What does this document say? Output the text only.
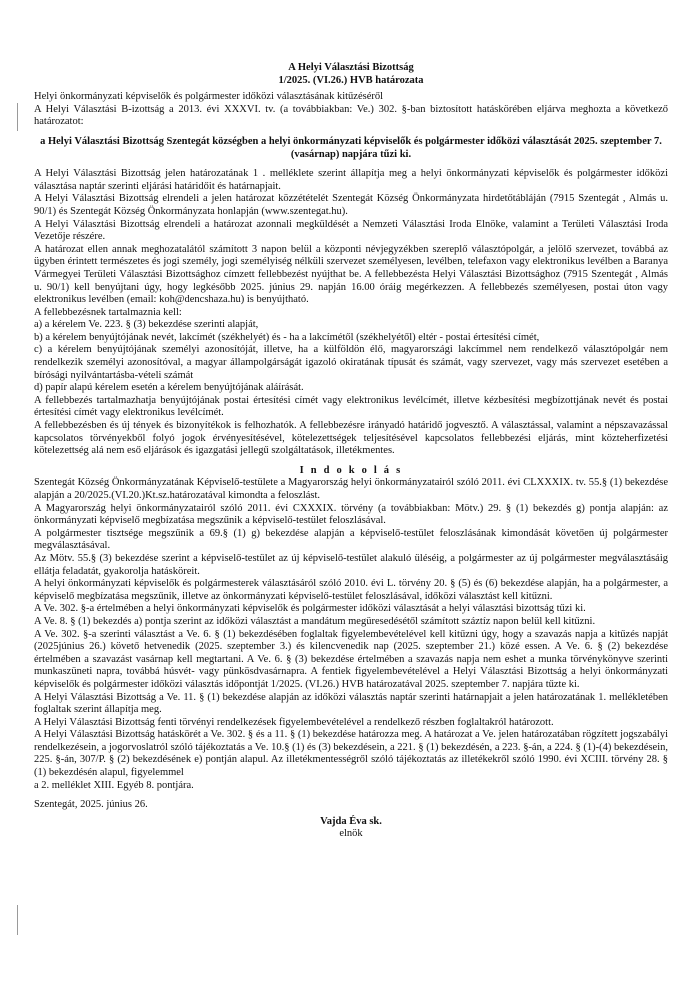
A Helyi Választási Bizottság
1/2025. (VI.26.) HVB határozata
Helyi önkormányzati képviselők és polgármester időközi választásának kitűzéséről
A Helyi Választási B-izottság a 2013. évi XXXVI. tv. (a továbbiakban: Ve.) 302. §-ban biztosított hatáskörében eljárva meghozta a következő határozatot:
a Helyi Választási Bizottság Szentegát községben a helyi önkormányzati képviselők és polgármester időközi választását 2025. szeptember 7. (vasárnap) napjára tűzi ki.
A Helyi Választási Bizottság jelen határozatának 1 . melléklete szerint állapítja meg a helyi önkormányzati képviselők és polgármester időközi választása naptár szerinti eljárási határidőit és határnapjait.
A Helyi Választási Bizottság elrendeli a jelen határozat közzétételét Szentegát Község Önkormányzata hirdetőtábláján (7915 Szentegát , Almás u. 90/1) és Szentegát Község Önkormányzata honlapján (www.szentegat.hu).
A Helyi Választási Bizottság elrendeli a határozat azonnali megküldését a Nemzeti Választási Iroda Elnöke, valamint a Területi Választási Iroda Vezetője részére.
A határozat ellen annak meghozatalától számított 3 napon belül a központi névjegyzékben szereplő választópolgár, a jelölő szervezet, továbbá az ügyben érintett természetes és jogi személy, jogi személyiség nélküli szervezet személyesen, levélben, telefaxon vagy elektronikus levélben a Baranya Vármegyei Területi Választási Bizottsághoz címzett fellebbezést nyújthat be. A fellebbezésta Helyi Választási Bizottsághoz (7915 Szentegát , Almás u. 90/1) kell benyújtani úgy, hogy legkésőbb 2025. június 29. napján 16.00 óráig megérkezzen. A fellebbezés személyesen, postai úton vagy elektronikus levélben (email: koh@dencshaza.hu) is benyújtható.
A fellebbezésnek tartalmaznia kell:
a) a kérelem Ve. 223. § (3) bekezdése szerinti alapját,
b) a kérelem benyújtójának nevét, lakcímét (székhelyét) és - ha a lakcímétől (székhelyétől) eltér - postai értesítési címét,
c) a kérelem benyújtójának személyi azonosítóját, illetve, ha a külföldön élő, magyarországi lakcímmel nem rendelkező választópolgár nem rendelkezik személyi azonosítóval, a magyar állampolgárságát igazoló okiratának típusát és számát, vagy szervezet, vagy más szervezet esetében a bírósági nyilvántartásba-vételi számát
d) papír alapú kérelem esetén a kérelem benyújtójának aláírását.
A fellebbezés tartalmazhatja benyújtójának postai értesítési címét vagy elektronikus levélcímét, illetve kézbesítési megbízottjának nevét és postai értesítési címét vagy elektronikus levélcímét.
A fellebbezésben és új tények és bizonyítékok is felhozhatók. A fellebbezésre irányadó határidő jogvesztő. A választással, valamint a népszavazással kapcsolatos törvényekből folyó jogok érvényesítésével, kötelezettségek teljesítésével kapcsolatos fellebbezési eljárás, mint közteherfizetési kötelezettség alá nem eső eljárások és igazgatási jellegű szolgáltatások, illetékmentes.
I n d o k o l á s
Szentegát Község Önkormányzatának Képviselő-testülete a Magyarország helyi önkormányzatairól szóló 2011. évi CLXXXIX. tv. 55.§ (1) bekezdése alapján a 20/2025.(VI.20.)Kt.sz.határozatával kimondta a feloszlást.
A Magyarország helyi önkormányzatairól szóló 2011. évi CXXXIX. törvény (a továbbiakban: Mötv.) 29. § (1) bekezdés g) pontja alapján: az önkormányzati képviselő megbízatása megszűnik a képviselő-testület feloszlásával.
A polgármester tisztsége megszűnik a 69.§ (1) g) bekezdése alapján a képviselő-testület feloszlásának kimondását követően új polgármester megválasztásával.
Az Mötv. 55.§ (3) bekezdése szerint a képviselő-testület az új képviselő-testület alakuló üléséig, a polgármester az új polgármester megválasztásáig ellátja feladatát, gyakorolja hatásköreit.
A helyi önkormányzati képviselők és polgármesterek választásáról szóló 2010. évi L. törvény 20. § (5) és (6) bekezdése alapján, ha a polgármester, a képviselő megbízatása megszűnik, illetve az önkormányzati képviselő-testület feloszlásával, időközi választást kell kitűzni.
A Ve. 302. §-a értelmében a helyi önkormányzati képviselők és polgármester időközi választását a helyi választási bizottság tűzi ki.
A Ve. 8. § (1) bekezdés a) pontja szerint az időközi választást a mandátum megüresedésétől számított száztíz napon belül kell kitűzni.
A Ve. 302. §-a szerinti választást a Ve. 6. § (1) bekezdésében foglaltak figyelembevételével kell kitűzni úgy, hogy a szavazás napja a kitűzés napját (2025június 26.) követő hetvenedik (2025. szeptember 3.) és kilencvenedik nap (2025. szeptember 21.) közé essen. A Ve. 6. § (2) bekezdése értelmében a szavazást vasárnap kell megtartani. A Ve. 6. § (3) bekezdése értelmében a szavazás napja nem eshet a munka törvénykönyve szerinti munkaszüneti napra, továbbá húsvét- vagy pünkösdvasárnapra. A fentiek figyelembevételével a Helyi Választási Bizottság a helyi önkormányzati képviselők és polgármester időközi választás időpontját 1/2025. (VI.26.) HVB határozatával 2025. szeptember 7. napjára tűzte ki.
A Helyi Választási Bizottság a Ve. 11. § (1) bekezdése alapján az időközi választás naptár szerinti határnapjait a jelen határozatának 1. mellékletében foglaltak szerint állapítja meg.
A Helyi Választási Bizottság fenti törvényi rendelkezések figyelembevételével a rendelkező részben foglaltakról határozott.
A Helyi Választási Bizottság hatáskörét a Ve. 302. § és a 11. § (1) bekezdése határozza meg. A határozat a Ve. jelen határozatában rögzített jogszabályi rendelkezésein, a jogorvoslatról szóló tájékoztatás a Ve. 10.§ (1) és (3) bekezdésein, a 221. § (1) bekezdésén, a 223. §-án, a 224. § (1)-(4) bekezdésein, 225. §-án, 307/P. § (2) bekezdésének e) pontján alapul. Az illetékmentességről szóló tájékoztatás az illetékekről szóló 1990. évi XCIII. törvény 28. § (1) bekezdésén alapul, figyelemmel
a 2. melléklet XIII. Egyéb 8. pontjára.
Szentegát, 2025. június 26.
Vajda Éva sk.
elnök
